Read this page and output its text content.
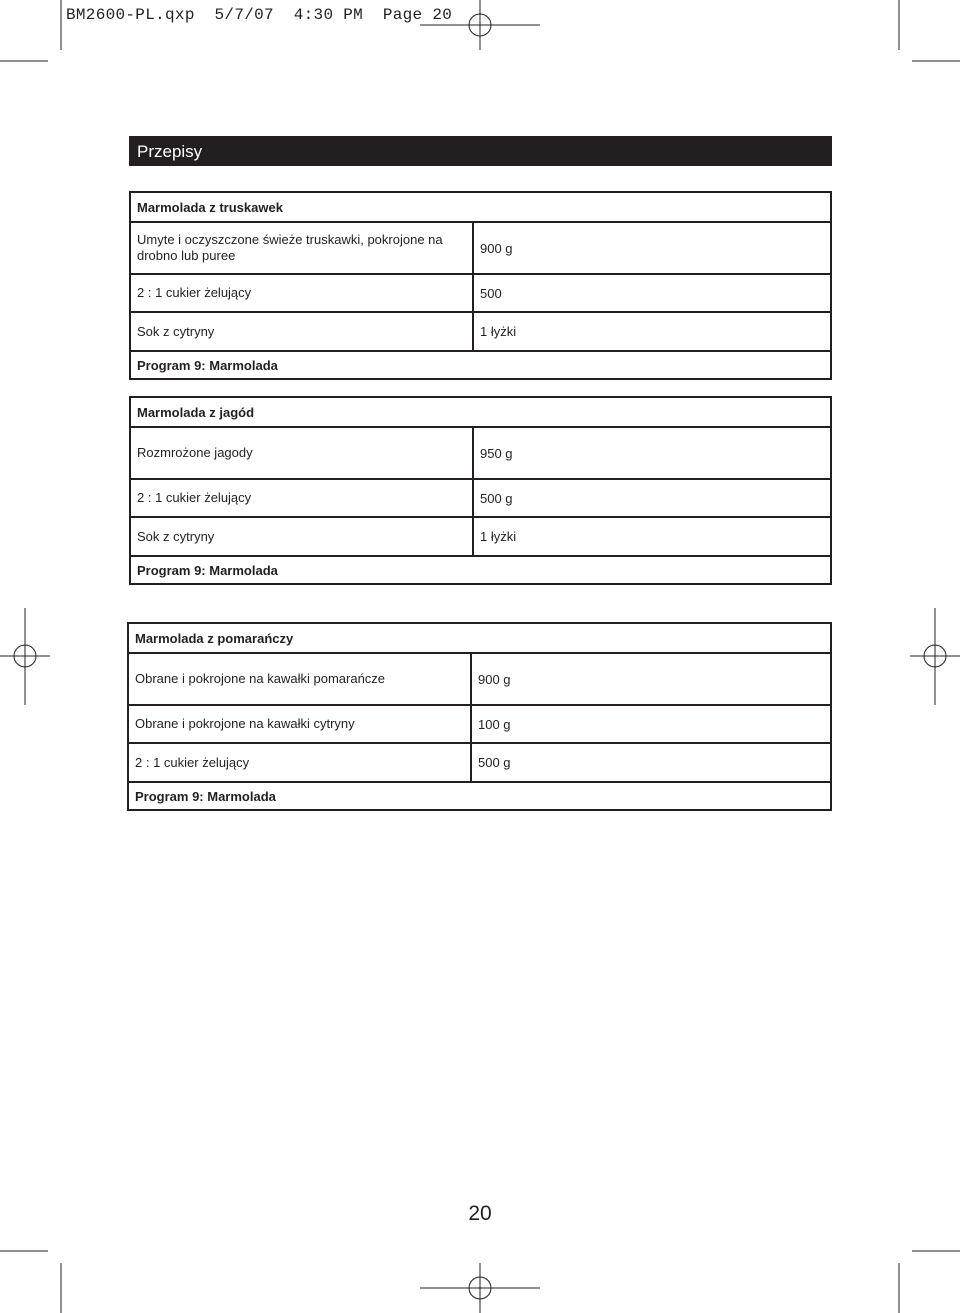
BM2600-PL.qxp  5/7/07  4:30 PM  Page 20
Przepisy
Marmolada z truskawek
Umyte i oczyszczone świeże truskawki, pokrojone na drobno lub puree	900 g
2 : 1 cukier żelujący	500
Sok z cytryny	1 łyżki
Program 9: Marmolada
Marmolada z jagód
Rozmrożone jagody	950 g
2 : 1 cukier żelujący	500 g
Sok z cytryny	1 łyżki
Program 9: Marmolada
Marmolada z pomarańczy
Obrane i pokrojone na kawałki pomarańcze	900 g
Obrane i pokrojone na kawałki cytryny	100 g
2 : 1 cukier żelujący	500 g
Program 9: Marmolada
20
